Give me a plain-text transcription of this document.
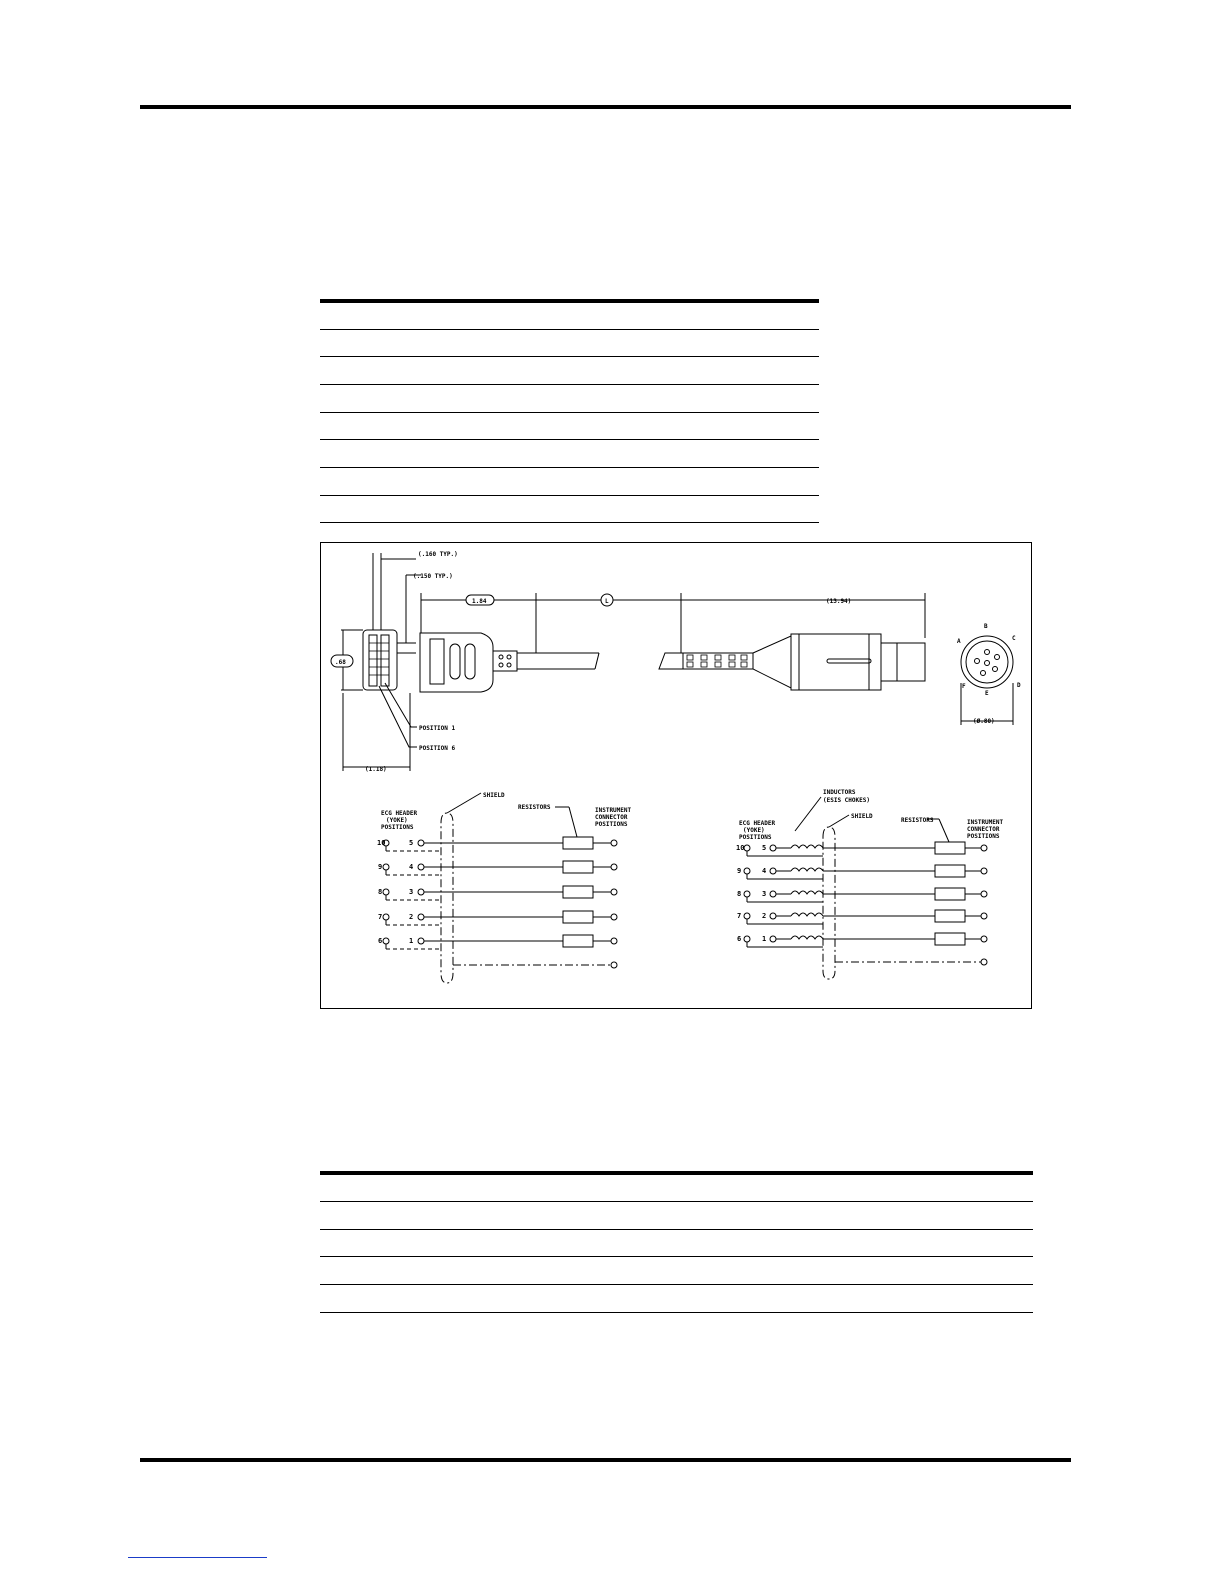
(.160 TYP.)
(.150 TYP.)
1.84	L	(13.94)
.68
(1.18)
POSITION 1
POSITION 6
(Ø.80)
A
B
C
D
E
F
SHIELD
RESISTORS
ECG HEADER
(YOKE)
POSITIONS
INSTRUMENT
CONNECTOR
POSITIONS
10	5
9	4
8	3
7	2
6	1
INDUCTORS
(ESIS CHOKES)
SHIELD
RESISTORS
ECG HEADER
(YOKE)
POSITIONS
INSTRUMENT
CONNECTOR
POSITIONS
10	5
9	4
8	3
7	2
6	1
